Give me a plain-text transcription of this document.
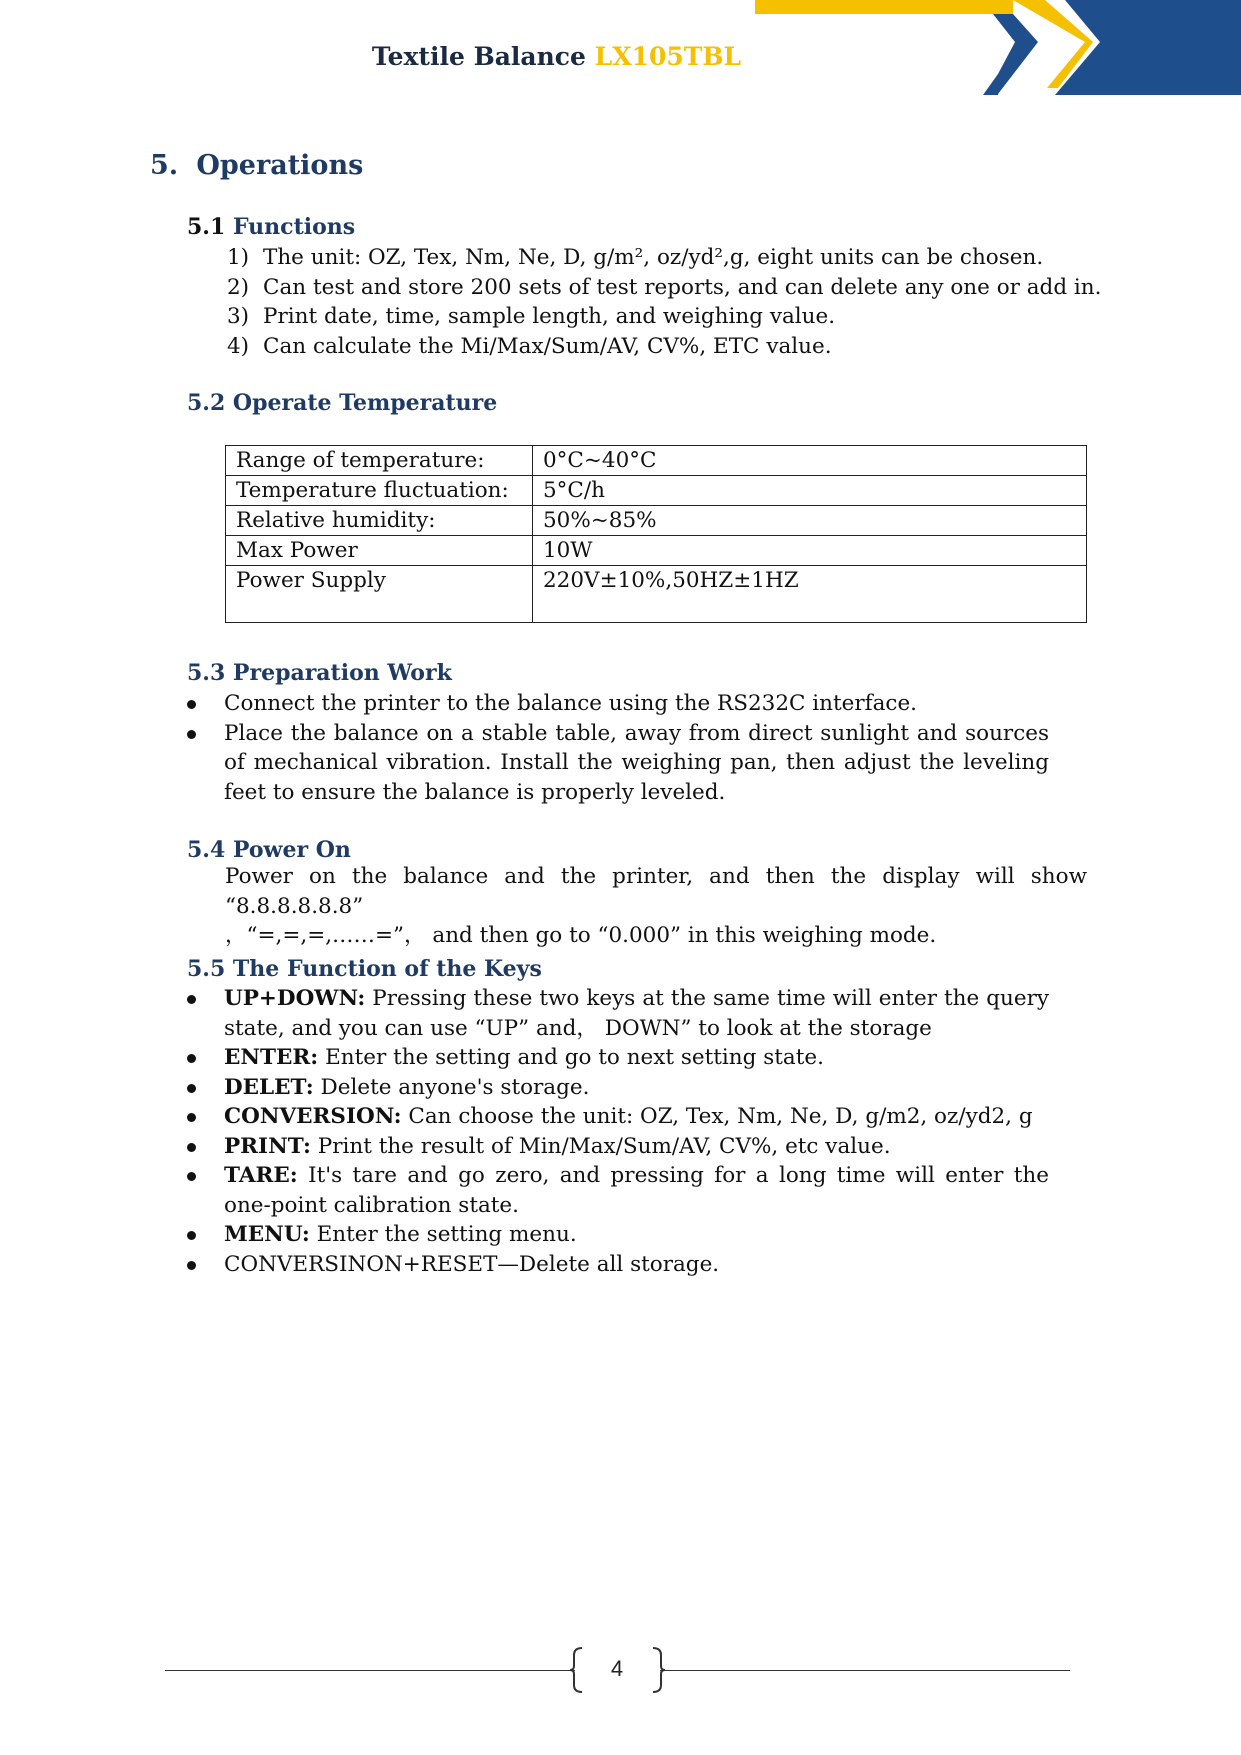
Textile Balance LX105TBL
5. Operations
5.1 Functions
1) The unit: OZ, Tex, Nm, Ne, D, g/m², oz/yd²,g, eight units can be chosen.
2) Can test and store 200 sets of test reports, and can delete any one or add in.
3) Print date, time, sample length, and weighing value.
4) Can calculate the Mi/Max/Sum/AV, CV%, ETC value.
5.2 Operate Temperature
Range of temperature:	0°C~40°C
Temperature fluctuation:	5°C/h
Relative humidity:	50%~85%
Max Power	10W
Power Supply	220V±10%,50HZ±1HZ
5.3 Preparation Work
Connect the printer to the balance using the RS232C interface.
Place the balance on a stable table, away from direct sunlight and sources of mechanical vibration. Install the weighing pan, then adjust the leveling feet to ensure the balance is properly leveled.
5.4 Power On
Power on the balance and the printer, and then the display will show “8.8.8.8.8.8”
，“=,=,=,……=”， and then go to “0.000” in this weighing mode.
5.5 The Function of the Keys
UP+DOWN: Pressing these two keys at the same time will enter the query state, and you can use “UP” and， DOWN” to look at the storage
ENTER: Enter the setting and go to next setting state.
DELET: Delete anyone's storage.
CONVERSION: Can choose the unit: OZ, Tex, Nm, Ne, D, g/m2, oz/yd2, g
PRINT: Print the result of Min/Max/Sum/AV, CV%, etc value.
TARE: It's tare and go zero, and pressing for a long time will enter the one-point calibration state.
MENU: Enter the setting menu.
CONVERSINON+RESET—Delete all storage.
4
